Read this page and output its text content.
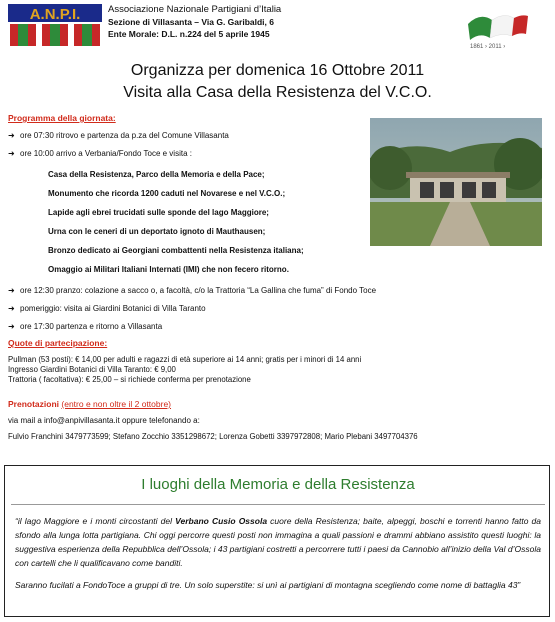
A.N.P.I.	Associazione Nazionale Partigiani d’Italia
Sezione di Villasanta – Via G. Garibaldi, 6
Ente Morale: D.L. n.224 del 5 aprile 1945
1861 › 2011 ›
Organizza per domenica 16 Ottobre 2011
Visita alla Casa della Resistenza del V.C.O.
Programma della giornata:
➜ ore 07:30 ritrovo e partenza da p.za del Comune Villasanta
➜ ore 10:00 arrivo a Verbania/Fondo Toce e visita :
Casa della Resistenza, Parco della Memoria e della Pace;
Monumento che ricorda 1200 caduti nel Novarese e nel V.C.O.;
Lapide agli ebrei trucidati sulle sponde del lago Maggiore;
Urna con le ceneri di un deportato ignoto di Mauthausen;
Bronzo dedicato ai Georgiani combattenti nella Resistenza italiana;
Omaggio ai Militari Italiani Internati (IMI) che non fecero ritorno.
➜ ore 12:30 pranzo: colazione a sacco o, a facoltà, c/o la Trattoria “La Gallina che fuma” di Fondo Toce
➜ pomeriggio: visita ai Giardini Botanici di Villa Taranto
➜ ore 17:30 partenza e ritorno a Villasanta
Quote di partecipazione:
Pullman (53 posti): € 14,00 per adulti e ragazzi di età superiore ai 14 anni; gratis per i minori di 14 anni
Ingresso Giardini Botanici di Villa Taranto: € 9,00
Trattoria ( facoltativa): € 25,00 – si richiede conferma per prenotazione
Prenotazioni (entro e non oltre il 2 ottobre)
via mail a info@anpivillasanta.it oppure telefonando a:
Fulvio Franchini 3479773599; Stefano Zocchio 3351298672; Lorenza Gobetti 3397972808; Mario Plebani 3497704376
I luoghi della Memoria e della Resistenza
“il lago Maggiore e i monti circostanti del Verbano Cusio Ossola cuore della Resistenza; baite, alpeggi, boschi e torrenti hanno fatto da sfondo alla lunga lotta partigiana. Chi oggi percorre questi posti non immagina a quali passioni e drammi abbiano assistito questi luoghi: la suggestiva esperienza della Repubblica dell’Ossola; i 43 partigiani costretti a percorrere tutti i paesi da Cannobio all’inizio della Val d’Ossola con cartelli che li qualificavano come banditi.
Saranno fucilati a FondoToce a gruppi di tre. Un solo superstite: si unì ai partigiani di montagna scegliendo come nome di battaglia 43”
